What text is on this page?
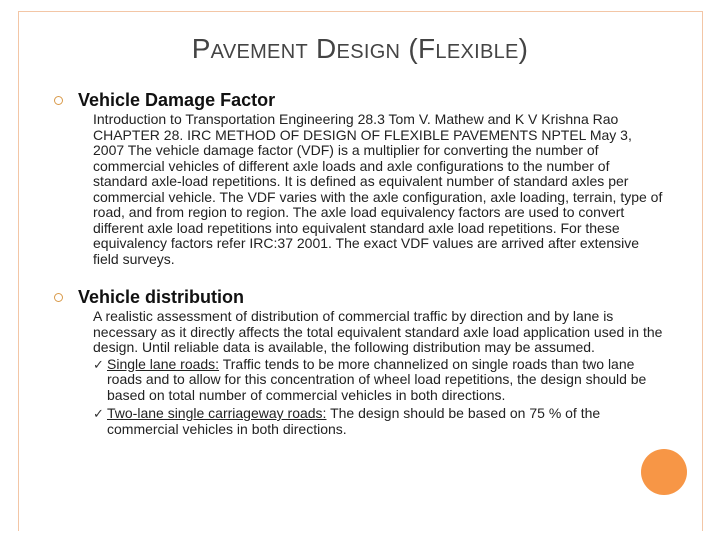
Pavement Design (Flexible)
Vehicle Damage Factor
Introduction to Transportation Engineering 28.3 Tom V. Mathew and K V Krishna Rao CHAPTER 28. IRC METHOD OF DESIGN OF FLEXIBLE PAVEMENTS NPTEL May 3, 2007 The vehicle damage factor (VDF) is a multiplier for converting the number of commercial vehicles of different axle loads and axle configurations to the number of standard axle-load repetitions. It is defined as equivalent number of standard axles per commercial vehicle. The VDF varies with the axle configuration, axle loading, terrain, type of road, and from region to region. The axle load equivalency factors are used to convert different axle load repetitions into equivalent standard axle load repetitions. For these equivalency factors refer IRC:37 2001. The exact VDF values are arrived after extensive field surveys.
Vehicle distribution
A realistic assessment of distribution of commercial traffic by direction and by lane is necessary as it directly affects the total equivalent standard axle load application used in the design. Until reliable data is available, the following distribution may be assumed.
✓ Single lane roads: Traffic tends to be more channelized on single roads than two lane roads and to allow for this concentration of wheel load repetitions, the design should be based on total number of commercial vehicles in both directions.
✓ Two-lane single carriageway roads: The design should be based on 75 % of the commercial vehicles in both directions.
